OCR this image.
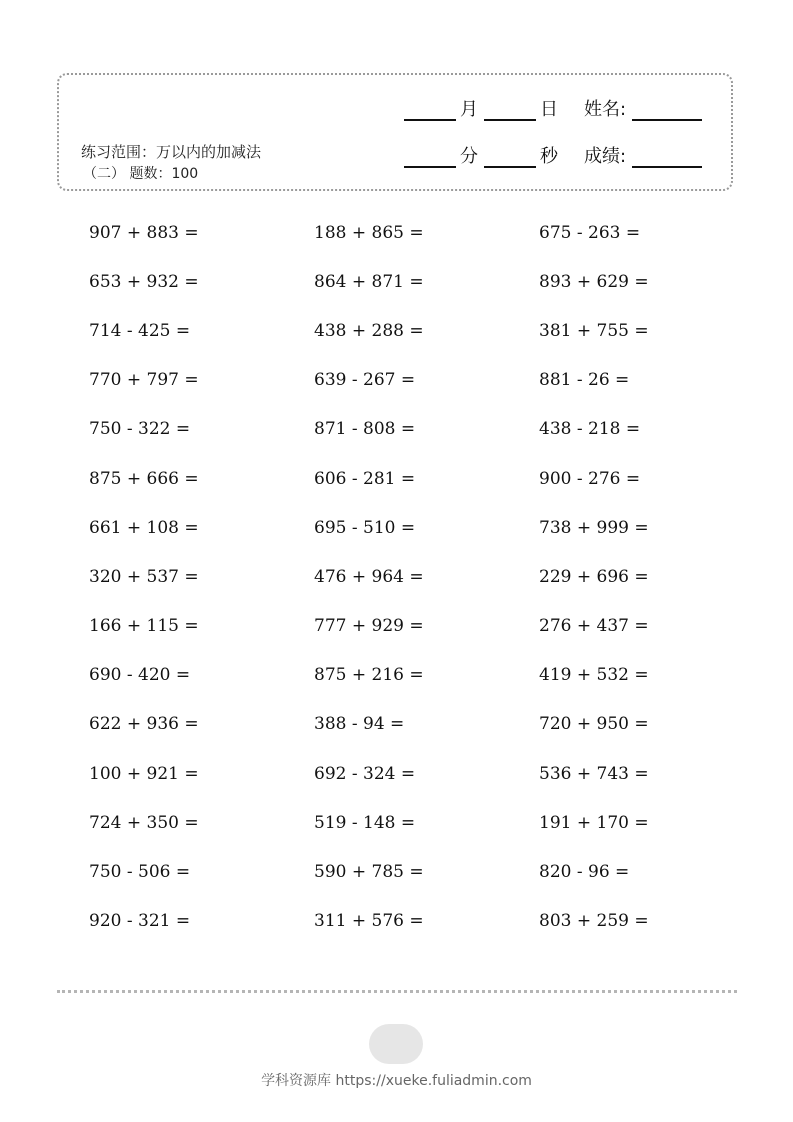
月	日 姓名:
分	秒 成绩:
练习范围：万以内的加减法
（二） 题数：100
907 + 883 =	188 + 865 =	675 - 263 =
653 + 932 =	864 + 871 =	893 + 629 =
714 - 425 =	438 + 288 =	381 + 755 =
770 + 797 =	639 - 267 =	881 - 26 =
750 - 322 =	871 - 808 =	438 - 218 =
875 + 666 =	606 - 281 =	900 - 276 =
661 + 108 =	695 - 510 =	738 + 999 =
320 + 537 =	476 + 964 =	229 + 696 =
166 + 115 =	777 + 929 =	276 + 437 =
690 - 420 =	875 + 216 =	419 + 532 =
622 + 936 =	388 - 94 =	720 + 950 =
100 + 921 =	692 - 324 =	536 + 743 =
724 + 350 =	519 - 148 =	191 + 170 =
750 - 506 =	590 + 785 =	820 - 96 =
920 - 321 =	311 + 576 =	803 + 259 =
学科资源库 https://xueke.fuliadmin.com
